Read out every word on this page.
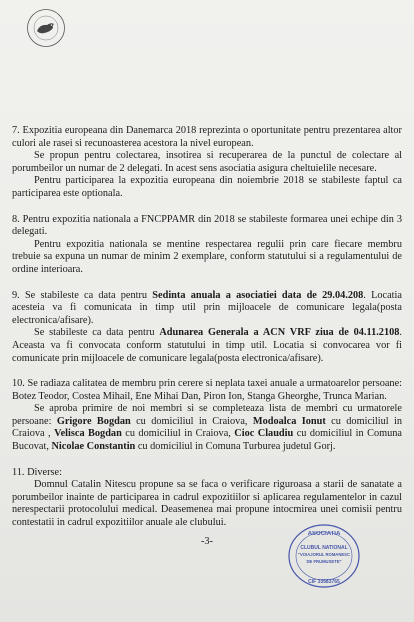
7. Expozitia europeana din Danemarca 2018 reprezinta o oportunitate pentru prezentarea altor culori ale rasei si recunoasterea acestora la nivel european.

Se propun pentru colectarea, insotirea si recuperarea de la punctul de colectare al porumbeilor un numar de 2 delegati. In acest sens asociatia asigura cheltuielile necesare.

Pentru participarea la expozitia europeana din noiembrie 2018 se stabileste faptul ca participarea este optionala.

8. Pentru expozitia nationala a FNCPPAMR din 2018 se stabileste formarea unei echipe din 3 delegati.

Pentru expozitia nationala se mentine respectarea regulii prin care fiecare membru trebuie sa expuna un numar de minim 2 exemplare, conform statutului si a regulamentului de ordine interioara.

9. Se stabileste ca data pentru Sedinta anuala a asociatiei data de 29.04.208. Locatia acesteia va fi comunicata in timp util prin mijloacele de comunicare legala(posta electronica/afisare).

Se stabileste ca data pentru Adunarea Generala a ACN VRF ziua de 04.11.2108. Aceasta va fi convocata conform statutului in timp util. Locatia si convocarea vor fi comunicate prin mijloacele de comunicare legala(posta electronica/afisare).

10. Se radiaza calitatea de membru prin cerere si neplata taxei anuale a urmatoarelor persoane: Botez Teodor, Costea Mihail, Ene Mihai Dan, Piron Ion, Stanga Gheorghe, Trunca Marian.

Se aproba primire de noi membri si se completeaza lista de membri cu urmatorele persoane: Grigore Bogdan cu domiciliul in Craiova, Modoalca Ionut cu domiciliul in Craiova , Velisca Bogdan cu domiciliul in Craiova, Cioc Claudiu cu domiciliul in Comuna Bucovat, Nicolae Constantin cu domiciliul in Comuna Turburea judetul Gorj.

11. Diverse:

Domnul Catalin Nitescu propune sa se faca o verificare riguroasa a starii de sanatate a porumbeilor inainte de participarea in cadrul expozitiilor si aplicarea regulamentelor in cazul nerespectarii protocolului medical. Deasemenea mai propune intocmirea unei comisii pentru contestatii in cadrul expozitiilor anuale ale clubului.

-3-
ASOCIATIA
CLUBUL NATIONAL
"VOIAJORUL ROMANESC
DE FRUMUSETE"
CIF 33583765
